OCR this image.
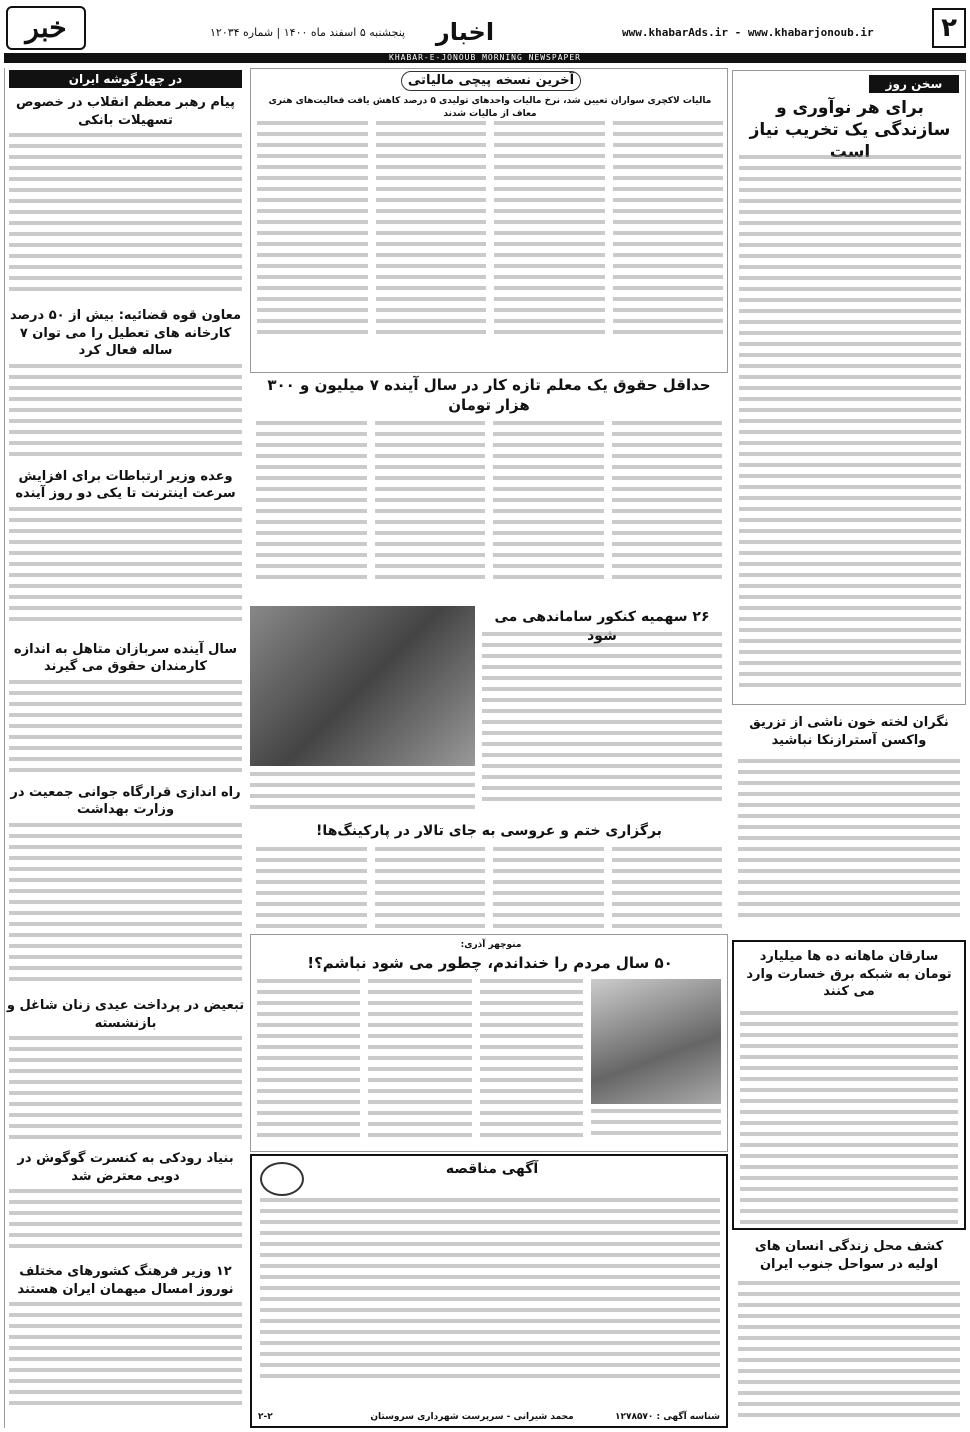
۲
www.khabarAds.ir - www.khabarjonoub.ir
اخبار
پنجشنبه ۵ اسفند ماه ۱۴۰۰ | شماره ۱۲۰۳۴
خبر
KHABAR-E-JONOUB MORNING NEWSPAPER
سخن روز
برای هر نوآوری و سازندگی یک تخریب نیاز است
نگران لخته خون ناشی از تزریق واکسن آسترازنکا نباشید
سارقان ماهانه ده ها میلیارد تومان به شبکه برق خسارت وارد می کنند
کشف محل زندگی انسان های اولیه در سواحل جنوب ایران
آخرین نسخه پیچی مالیاتی
مالیات لاکچری سواران تعیین شد، نرخ مالیات واحدهای تولیدی ۵ درصد کاهش یافت فعالیت‌های هنری معاف از مالیات شدند
حداقل حقوق یک معلم تازه کار در سال آینده ۷ میلیون و ۳۰۰ هزار تومان
۲۶ سهمیه کنکور ساماندهی می شود
برگزاری ختم و عروسی به جای تالار در پارکینگ‌ها!
منوچهر آذری:
۵۰ سال مردم را خنداندم، چطور می شود نباشم؟!
آگهی مناقصه
محمد شیرانی - سرپرست شهرداری سروستان	شناسه آگهی : ۱۲۷۸۵۷۰
۲-۲
در چهارگوشه ایران
پیام رهبر معظم انقلاب در خصوص تسهیلات بانکی
معاون قوه قضائیه: بیش از ۵۰ درصد کارخانه های تعطیل را می توان ۷ ساله فعال کرد
وعده وزیر ارتباطات برای افزایش سرعت اینترنت تا یکی دو روز آینده
سال آینده سربازان متاهل به اندازه کارمندان حقوق می گیرند
راه اندازی قرارگاه جوانی جمعیت در وزارت بهداشت
تبعیض در پرداخت عیدی زنان شاغل و بازنشسته
بنیاد رودکی به کنسرت گوگوش در دوبی معترض شد
۱۲ وزیر فرهنگ کشورهای مختلف نوروز امسال میهمان ایران هستند
